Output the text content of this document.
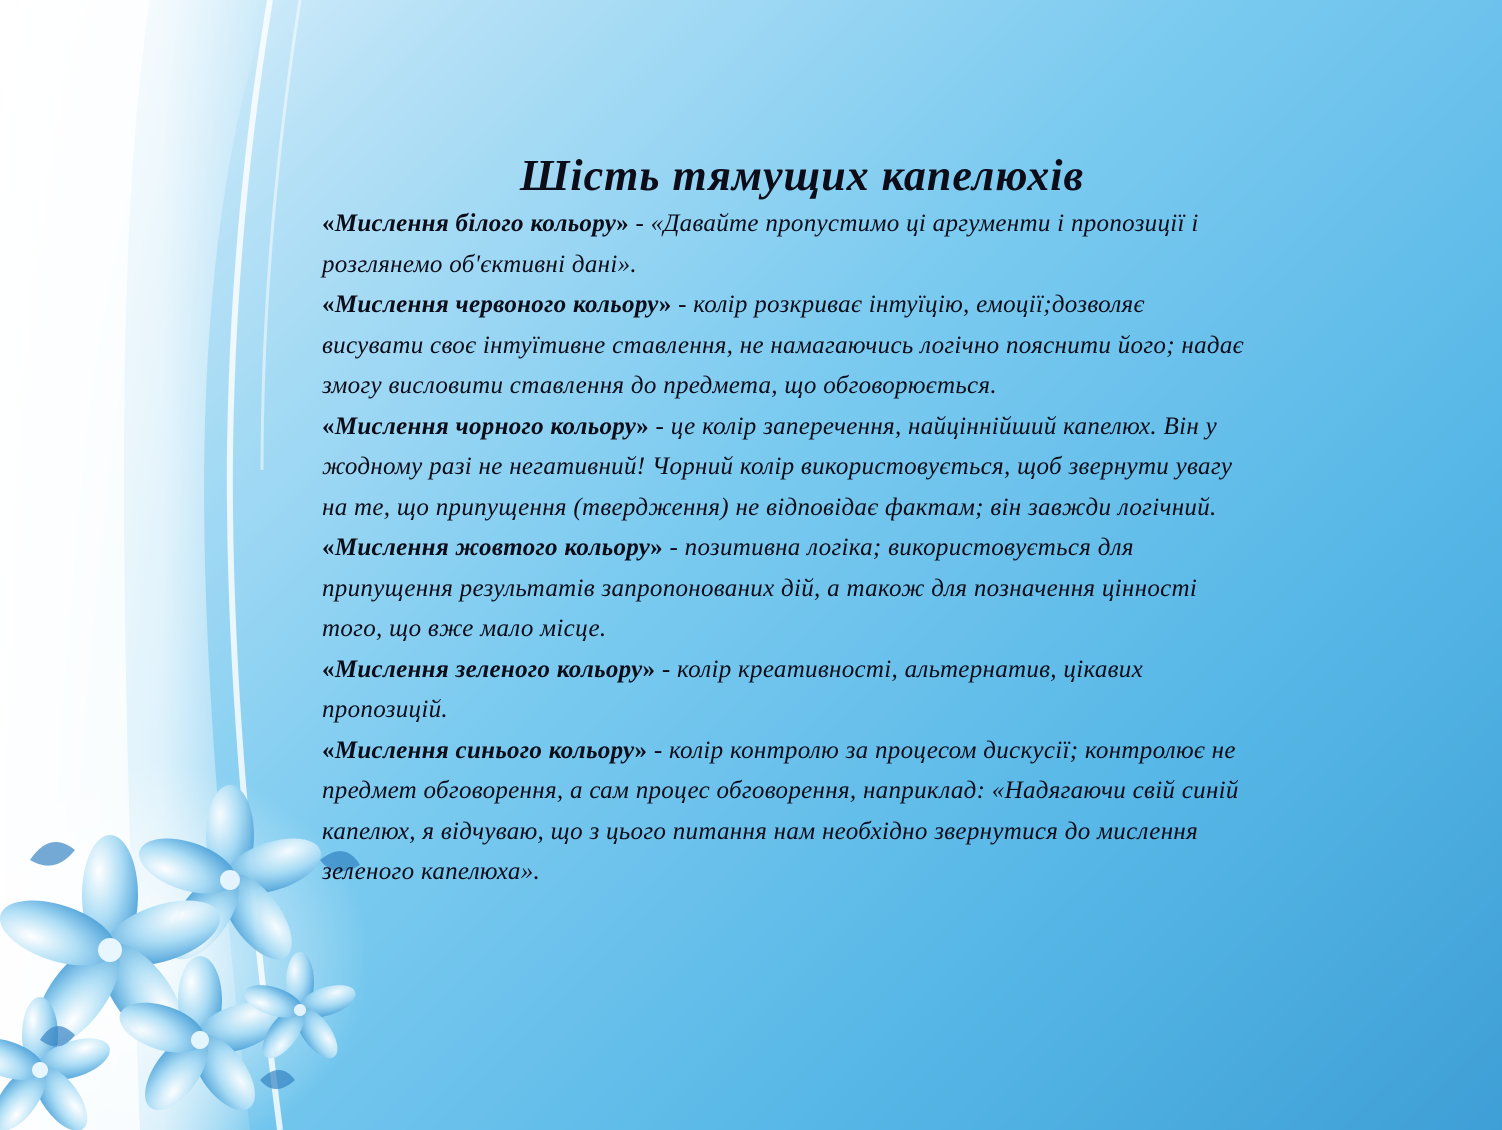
Шість тямущих капелюхів

«Мислення білого кольору» - «Давайте пропустимо ці аргументи і пропозиції і розглянемо об'єктивні дані».

«Мислення червоного кольору» - колір розкриває інтуїцію, емоції;дозволяє висувати своє інтуїтивне ставлення, не намагаючись логічно пояснити його; надає змогу висловити ставлення до предмета, що обговорюється.

«Мислення чорного кольору» - це колір заперечення, найціннійший капелюх. Він у жодному разі не негативний! Чорний колір використовується, щоб звернути увагу на те, що припущення (твердження) не відповідає фактам; він завжди логічний.

«Мислення жовтого кольору» - позитивна логіка; використовується для припущення результатів запропонованих дій, а також для позначення цінності того, що вже мало місце.

«Мислення зеленого кольору» - колір креативності, альтернатив, цікавих пропозицій.

«Мислення синього кольору» - колір контролю за процесом дискусії; контролює не предмет обговорення, а сам процес обговорення, наприклад: «Надягаючи свій синій капелюх, я відчуваю, що з цього питання нам необхідно звернутися до мислення зеленого капелюха».
